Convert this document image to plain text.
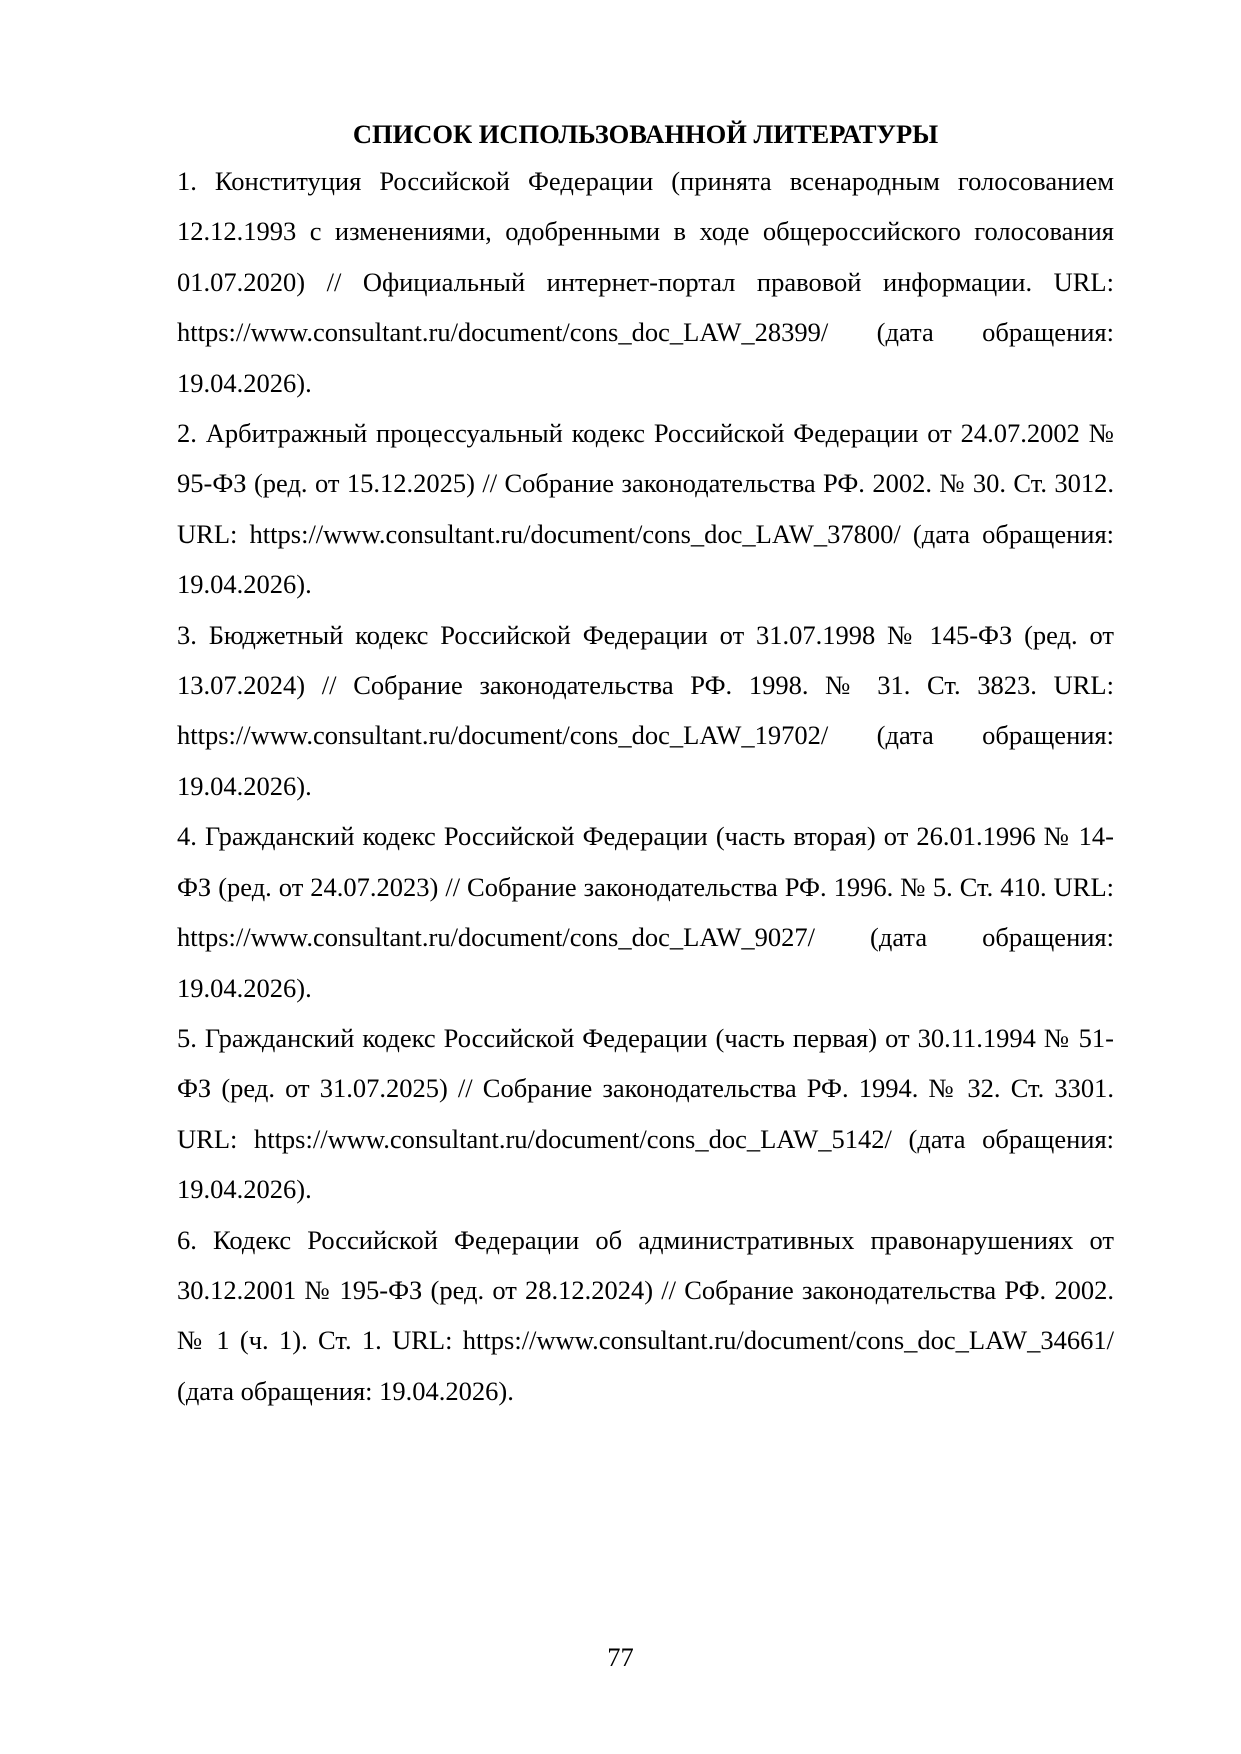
СПИСОК ИСПОЛЬЗОВАННОЙ ЛИТЕРАТУРЫ
1. Конституция Российской Федерации (принята всенародным голосованием 12.12.1993 с изменениями, одобренными в ходе общероссийского голосования 01.07.2020) // Официальный интернет-портал правовой информации. URL: https://www.consultant.ru/document/cons_doc_LAW_28399/ (дата обращения: 19.04.2026).
2. Арбитражный процессуальный кодекс Российской Федерации от 24.07.2002 № 95-ФЗ (ред. от 15.12.2025) // Собрание законодательства РФ. 2002. № 30. Ст. 3012. URL: https://www.consultant.ru/document/cons_doc_LAW_37800/ (дата обращения: 19.04.2026).
3. Бюджетный кодекс Российской Федерации от 31.07.1998 № 145-ФЗ (ред. от 13.07.2024) // Собрание законодательства РФ. 1998. № 31. Ст. 3823. URL: https://www.consultant.ru/document/cons_doc_LAW_19702/ (дата обращения: 19.04.2026).
4. Гражданский кодекс Российской Федерации (часть вторая) от 26.01.1996 № 14-ФЗ (ред. от 24.07.2023) // Собрание законодательства РФ. 1996. № 5. Ст. 410. URL: https://www.consultant.ru/document/cons_doc_LAW_9027/ (дата обращения: 19.04.2026).
5. Гражданский кодекс Российской Федерации (часть первая) от 30.11.1994 № 51-ФЗ (ред. от 31.07.2025) // Собрание законодательства РФ. 1994. № 32. Ст. 3301. URL: https://www.consultant.ru/document/cons_doc_LAW_5142/ (дата обращения: 19.04.2026).
6. Кодекс Российской Федерации об административных правонарушениях от 30.12.2001 № 195-ФЗ (ред. от 28.12.2024) // Собрание законодательства РФ. 2002. № 1 (ч. 1). Ст. 1. URL: https://www.consultant.ru/document/cons_doc_LAW_34661/ (дата обращения: 19.04.2026).
77
